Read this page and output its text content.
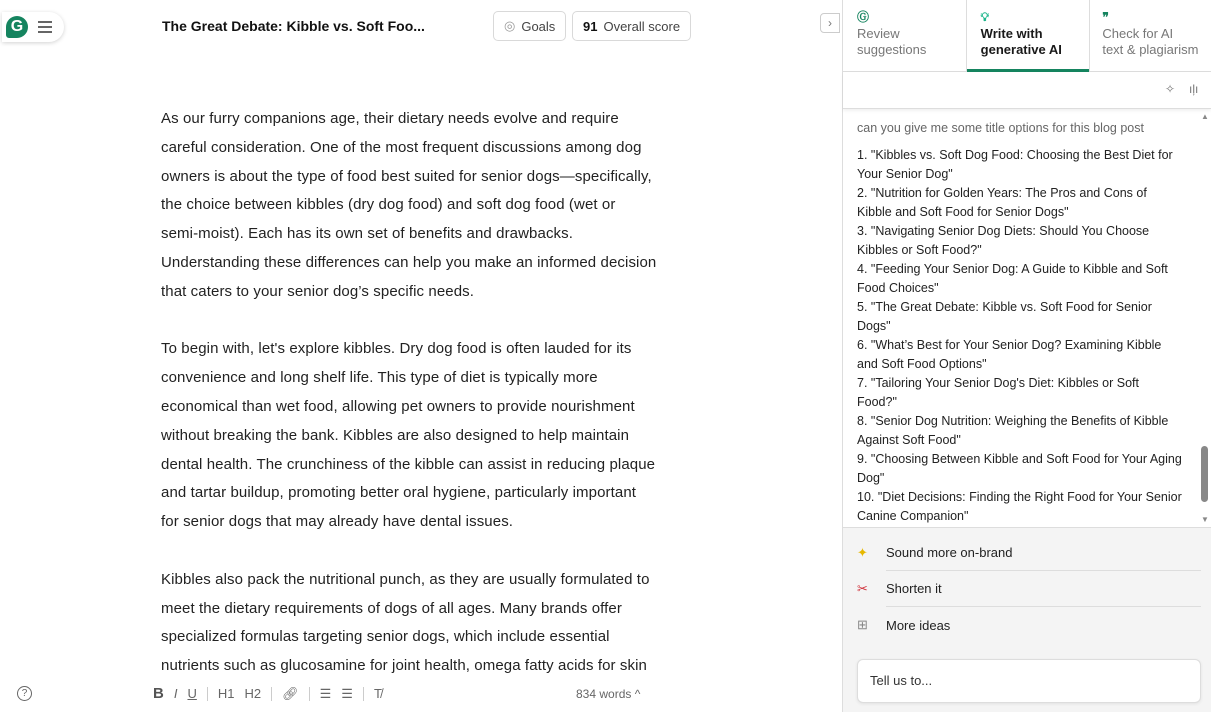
G	The Great Debate: Kibble vs. Soft Foo...	◎ Goals 91 Overall score
As our furry companions age, their dietary needs evolve and require
careful consideration. One of the most frequent discussions among dog
owners is about the type of food best suited for senior dogs—specifically,
the choice between kibbles (dry dog food) and soft dog food (wet or
semi-moist). Each has its own set of benefits and drawbacks.
Understanding these differences can help you make an informed decision
that caters to your senior dog’s specific needs.
To begin with, let's explore kibbles. Dry dog food is often lauded for its
convenience and long shelf life. This type of diet is typically more
economical than wet food, allowing pet owners to provide nourishment
without breaking the bank. Kibbles are also designed to help maintain
dental health. The crunchiness of the kibble can assist in reducing plaque
and tartar buildup, promoting better oral hygiene, particularly important
for senior dogs that may already have dental issues.
Kibbles also pack the nutritional punch, as they are usually formulated to
meet the dietary requirements of dogs of all ages. Many brands offer
specialized formulas targeting senior dogs, which include essential
nutrients such as glucosamine for joint health, omega fatty acids for skin
?	B I U H1 H2 🔗︎ ☰ ☰ T̸	834 words ^
›	Ⓖ
Review
suggestions
💡︎
Write with
generative AI
❞
Check for AI
text & plagiarism
✧ ıļı
can you give me some title options for this blog post
1. "Kibbles vs. Soft Dog Food: Choosing the Best Diet for Your Senior Dog"
2. "Nutrition for Golden Years: The Pros and Cons of Kibble and Soft Food for Senior Dogs"
3. "Navigating Senior Dog Diets: Should You Choose Kibbles or Soft Food?"
4. "Feeding Your Senior Dog: A Guide to Kibble and Soft Food Choices"
5. "The Great Debate: Kibble vs. Soft Food for Senior Dogs"
6. "What’s Best for Your Senior Dog? Examining Kibble and Soft Food Options"
7. "Tailoring Your Senior Dog's Diet: Kibbles or Soft Food?"
8. "Senior Dog Nutrition: Weighing the Benefits of Kibble Against Soft Food"
9. "Choosing Between Kibble and Soft Food for Your Aging Dog"
10. "Diet Decisions: Finding the Right Food for Your Senior Canine Companion"
▲
▼
✦	Sound more on-brand
✂	Shorten it
⊞	More ideas
Tell us to...
